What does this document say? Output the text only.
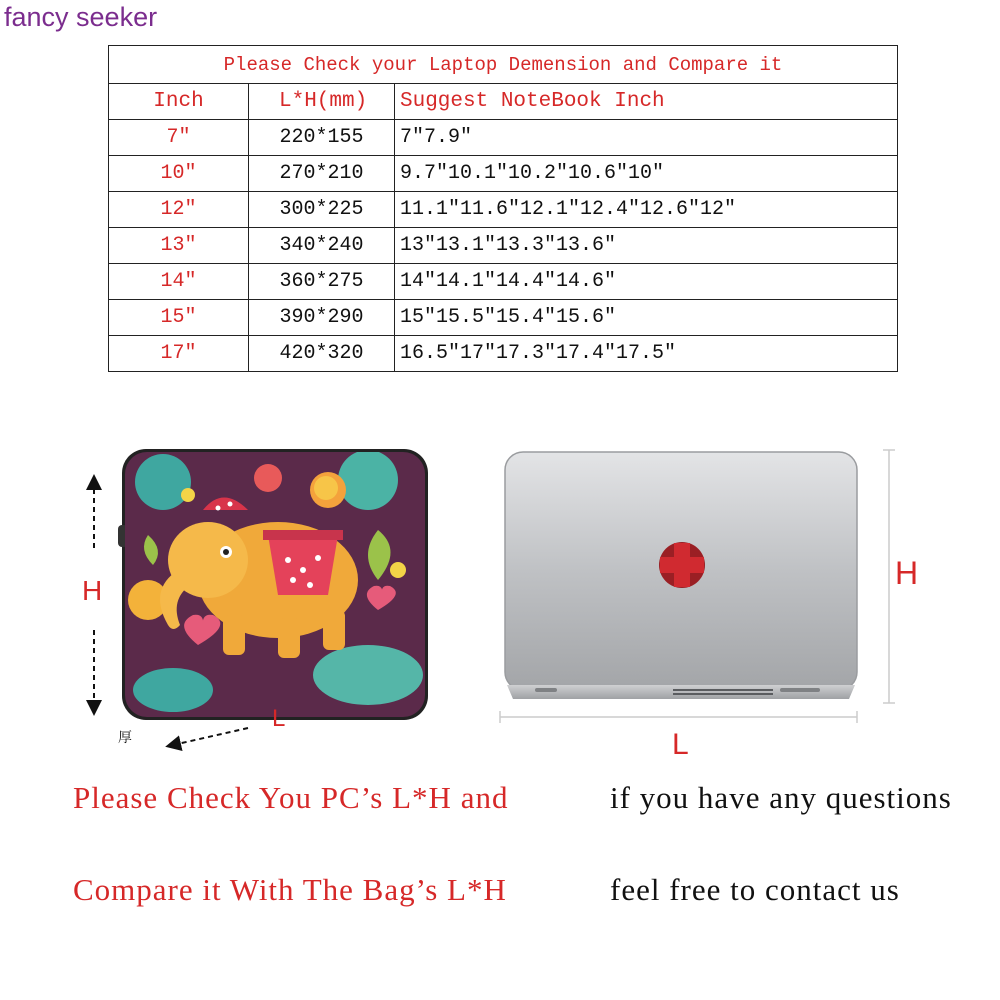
fancy seeker
Please Check your Laptop Demension and Compare it		
Inch	L*H(mm)	Suggest NoteBook Inch
7″	220*155	7″7.9″
10″	270*210	9.7″10.1″10.2″10.6″10″
12″	300*225	11.1″11.6″12.1″12.4″12.6″12″
13″	340*240	13″13.1″13.3″13.6″
14″	360*275	14″14.1″14.4″14.6″
15″	390*290	15″15.5″15.4″15.6″
17″	420*320	16.5″17″17.3″17.4″17.5″
H
L
厚
H
L
Please Check You PC’s L*H and
Compare it With The Bag’s L*H
if you have any questions
feel free to contact us
